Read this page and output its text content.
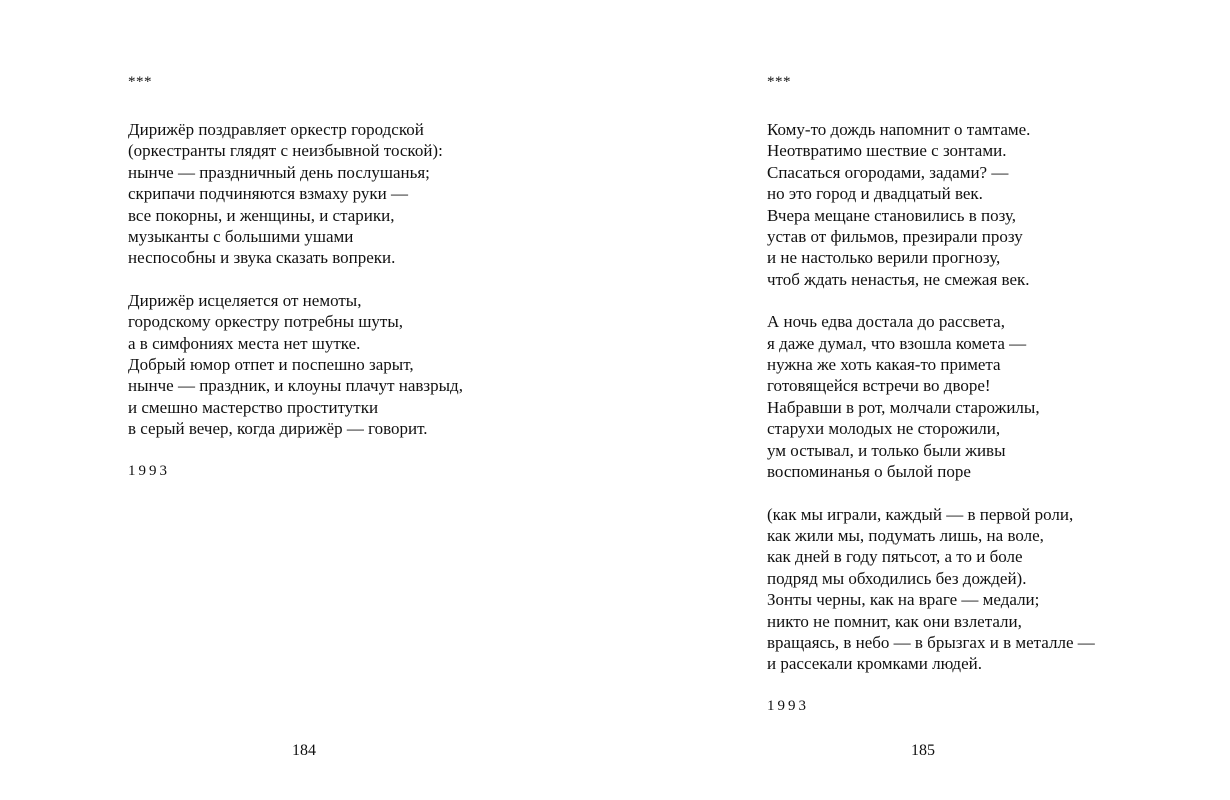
***
Дирижёр поздравляет оркестр городской
(оркестранты глядят с неизбывной тоской):
нынче — праздничный день послушанья;
скрипачи подчиняются взмаху руки —
все покорны, и женщины, и старики,
музыканты с большими ушами
неспособны и звука сказать вопреки.
Дирижёр исцеляется от немоты,
городскому оркестру потребны шуты,
а в симфониях места нет шутке.
Добрый юмор отпет и поспешно зарыт,
нынче — праздник, и клоуны плачут навзрыд,
и смешно мастерство проститутки
в серый вечер, когда дирижёр — говорит.
1993
184
***
Кому-то дождь напомнит о тамтаме.
Неотвратимо шествие с зонтами.
Спасаться огородами, задами? —
но это город и двадцатый век.
Вчера мещане становились в позу,
устав от фильмов, презирали прозу
и не настолько верили прогнозу,
чтоб ждать ненастья, не смежая век.
А ночь едва достала до рассвета,
я даже думал, что взошла комета —
нужна же хоть какая-то примета
готовящейся встречи во дворе!
Набравши в рот, молчали старожилы,
старухи молодых не сторожили,
ум остывал, и только были живы
воспоминанья о былой поре
(как мы играли, каждый — в первой роли,
как жили мы, подумать лишь, на воле,
как дней в году пятьсот, а то и боле
подряд мы обходились без дождей).
Зонты черны, как на враге — медали;
никто не помнит, как они взлетали,
вращаясь, в небо — в брызгах и в металле —
и рассекали кромками людей.
1993
185
